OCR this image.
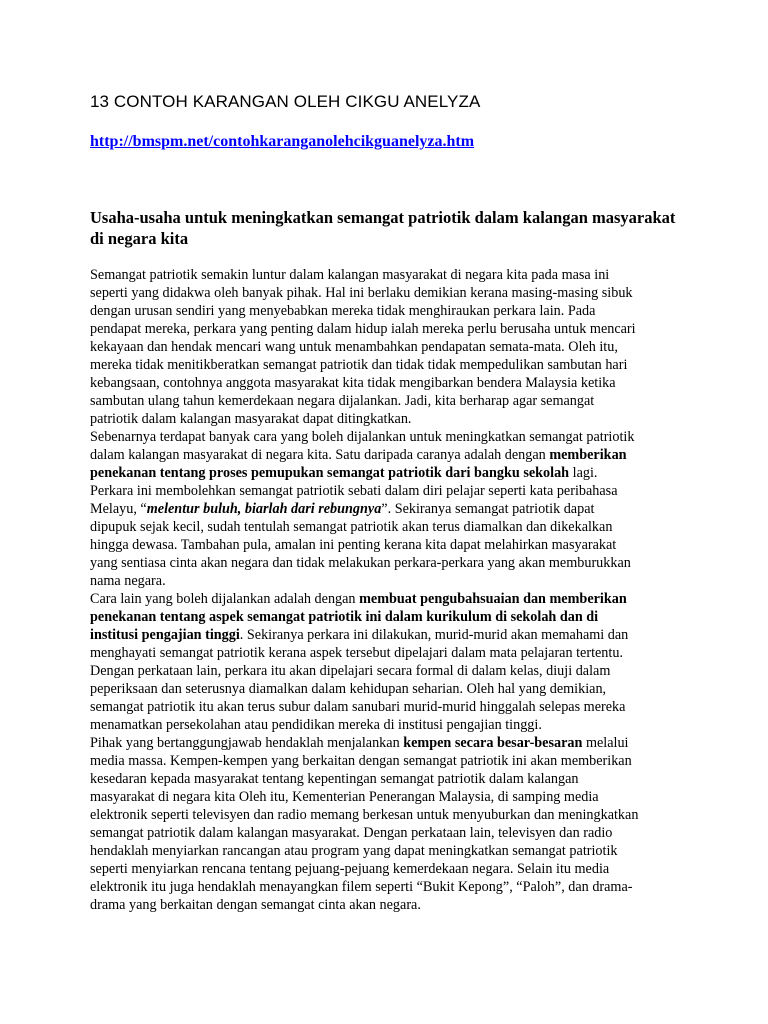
13 CONTOH KARANGAN OLEH CIKGU ANELYZA
http://bmspm.net/contohkaranganolehcikguanelyza.htm
Usaha-usaha untuk meningkatkan semangat patriotik dalam kalangan masyarakat di negara kita

Semangat patriotik semakin luntur dalam kalangan masyarakat di negara kita pada masa ini
seperti yang didakwa oleh banyak pihak. Hal ini berlaku demikian kerana masing-masing sibuk
dengan urusan sendiri yang menyebabkan mereka tidak menghiraukan perkara lain. Pada
pendapat mereka, perkara yang penting dalam hidup ialah mereka perlu berusaha untuk mencari
kekayaan dan hendak mencari wang untuk menambahkan pendapatan semata-mata. Oleh itu,
mereka tidak menitikberatkan semangat patriotik dan tidak tidak mempedulikan sambutan hari
kebangsaan, contohnya anggota masyarakat kita tidak mengibarkan bendera Malaysia ketika
sambutan ulang tahun kemerdekaan negara dijalankan. Jadi, kita berharap agar semangat
patriotik dalam kalangan masyarakat dapat ditingkatkan.

Sebenarnya terdapat banyak cara yang boleh dijalankan untuk meningkatkan semangat patriotik
dalam kalangan masyarakat di negara kita. Satu daripada caranya adalah dengan memberikan
penekanan tentang proses pemupukan semangat patriotik dari bangku sekolah lagi.
Perkara ini membolehkan semangat patriotik sebati dalam diri pelajar seperti kata peribahasa
Melayu, “melentur buluh, biarlah dari rebungnya”. Sekiranya semangat patriotik dapat
dipupuk sejak kecil, sudah tentulah semangat patriotik akan terus diamalkan dan dikekalkan
hingga dewasa. Tambahan pula, amalan ini penting kerana kita dapat melahirkan masyarakat
yang sentiasa cinta akan negara dan tidak melakukan perkara-perkara yang akan memburukkan
nama negara.

Cara lain yang boleh dijalankan adalah dengan membuat pengubahsuaian dan memberikan
penekanan tentang aspek semangat patriotik ini dalam kurikulum di sekolah dan di
institusi pengajian tinggi. Sekiranya perkara ini dilakukan, murid-murid akan memahami dan
menghayati semangat patriotik kerana aspek tersebut dipelajari dalam mata pelajaran tertentu.
Dengan perkataan lain, perkara itu akan dipelajari secara formal di dalam kelas, diuji dalam
peperiksaan dan seterusnya diamalkan dalam kehidupan seharian. Oleh hal yang demikian,
semangat patriotik itu akan terus subur dalam sanubari murid-murid hinggalah selepas mereka
menamatkan persekolahan atau pendidikan mereka di institusi pengajian tinggi.

Pihak yang bertanggungjawab hendaklah menjalankan kempen secara besar-besaran melalui
media massa. Kempen-kempen yang berkaitan dengan semangat patriotik ini akan memberikan
kesedaran kepada masyarakat tentang kepentingan semangat patriotik dalam kalangan
masyarakat di negara kita Oleh itu, Kementerian Penerangan Malaysia, di samping media
elektronik seperti televisyen dan radio memang berkesan untuk menyuburkan dan meningkatkan
semangat patriotik dalam kalangan masyarakat. Dengan perkataan lain, televisyen dan radio
hendaklah menyiarkan rancangan atau program yang dapat meningkatkan semangat patriotik
seperti menyiarkan rencana tentang pejuang-pejuang kemerdekaan negara. Selain itu media
elektronik itu juga hendaklah menayangkan filem seperti “Bukit Kepong”, “Paloh”, dan drama-
drama yang berkaitan dengan semangat cinta akan negara.
